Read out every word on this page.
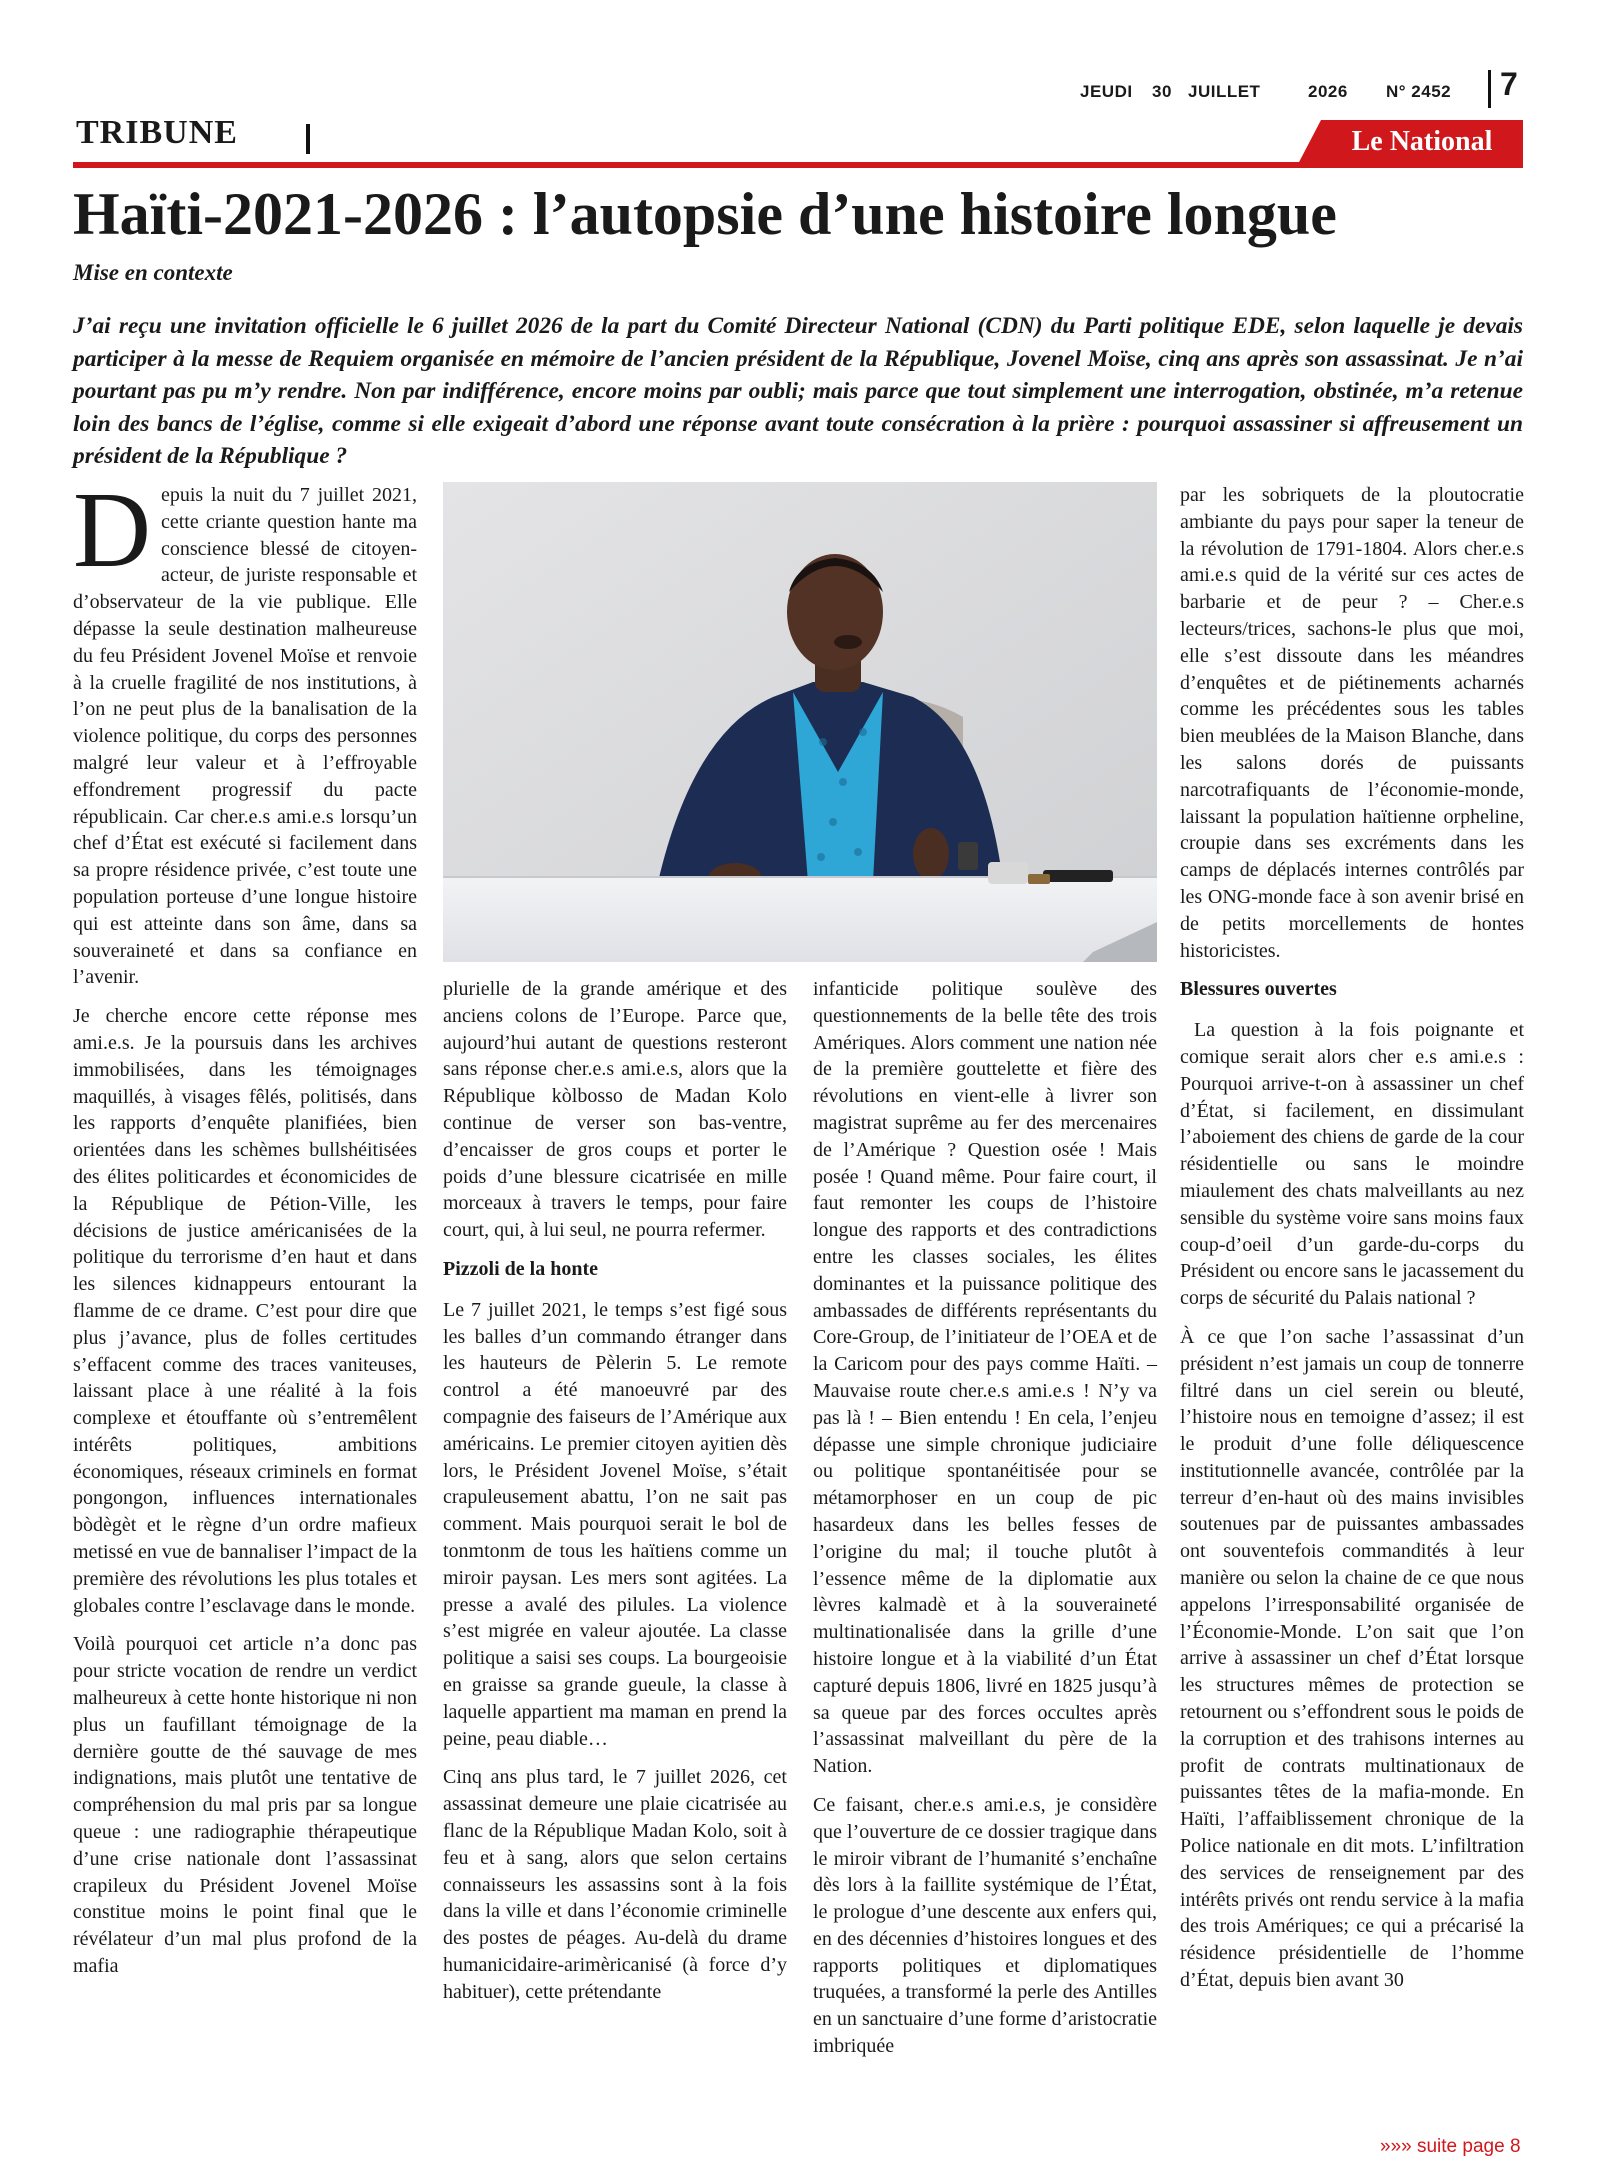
JEUDI 30 JUILLET	2026 N° 2452 7
TRIBUNE	Le National
Haïti-2021-2026 : l’autopsie d’une histoire longue
Mise en contexte
J’ai reçu une invitation officielle le 6 juillet 2026 de la part du Comité Directeur National (CDN) du Parti politique EDE, selon laquelle je devais participer à la messe de Requiem organisée en mémoire de l’ancien président de la République, Jovenel Moïse, cinq ans après son assassinat. Je n’ai pourtant pas pu m’y rendre. Non par indifférence, encore moins par oubli; mais parce que tout simplement une interrogation, obstinée, m’a retenue loin des bancs de l’église, comme si elle exigeait d’abord une réponse avant toute consécration à la prière : pourquoi assassiner si affreusement un président de la République ?

Depuis la nuit du 7 juillet 2021, cette criante question hante ma conscience blessé de citoyen-acteur, de juriste responsable et d’observateur de la vie publique. Elle dépasse la seule destination malheureuse du feu Président Jovenel Moïse et renvoie à la cruelle fragilité de nos institutions, à l’on ne peut plus de la banalisation de la violence politique, du corps des personnes malgré leur valeur et à l’effroyable effondrement progressif du pacte républicain. Car cher.e.s ami.e.s lorsqu’un chef d’État est exécuté si facilement dans sa propre résidence privée, c’est toute une population porteuse d’une longue histoire qui est atteinte dans son âme, dans sa souveraineté et dans sa confiance en l’avenir.

Je cherche encore cette réponse mes ami.e.s. Je la poursuis dans les archives immobilisées, dans les témoignages maquillés, à visages fêlés, politisés, dans les rapports d’enquête planifiées, bien orientées dans les schèmes bullshéitisées des élites politicardes et économicides de la République de Pétion-Ville, les décisions de justice américanisées de la politique du terrorisme d’en haut et dans les silences kidnappeurs entourant la flamme de ce drame. C’est pour dire que plus j’avance, plus de folles certitudes s’effacent comme des traces vaniteuses, laissant place à une réalité à la fois complexe et étouffante où s’entremêlent intérêts politiques, ambitions économiques, réseaux criminels en format pongongon, influences internationales bòdègèt et le règne d’un ordre mafieux metissé en vue de bannaliser l’impact de la première des révolutions les plus totales et globales contre l’esclavage dans le monde.

Voilà pourquoi cet article n’a donc pas pour stricte vocation de rendre un verdict malheureux à cette honte historique ni non plus un faufillant témoignage de la dernière goutte de thé sauvage de mes indignations, mais plutôt une tentative de compréhension du mal pris par sa longue queue : une radiographie thérapeutique d’une crise nationale dont l’assassinat crapileux du Président Jovenel Moïse constitue moins le point final que le révélateur d’un mal plus profond de la mafia

plurielle de la grande amérique et des anciens colons de l’Europe. Parce que, aujourd’hui autant de questions resteront sans réponse cher.e.s ami.e.s, alors que la République kòlbosso de Madan Kolo continue de verser son bas-ventre, d’encaisser de gros coups et porter le poids d’une blessure cicatrisée en mille morceaux à travers le temps, pour faire court, qui, à lui seul, ne pourra refermer.

Pizzoli de la honte

Le 7 juillet 2021, le temps s’est figé sous les balles d’un commando étranger dans les hauteurs de Pèlerin 5. Le remote control a été manoeuvré par des compagnie des faiseurs de l’Amérique aux américains. Le premier citoyen ayitien dès lors, le Président Jovenel Moïse, s’était crapuleusement abattu, l’on ne sait pas comment. Mais pourquoi serait le bol de tonmtonm de tous les haïtiens comme un miroir paysan. Les mers sont agitées. La presse a avalé des pilules. La violence s’est migrée en valeur ajoutée. La classe politique a saisi ses coups. La bourgeoisie en graisse sa grande gueule, la classe à laquelle appartient ma maman en prend la peine, peau diable…

Cinq ans plus tard, le 7 juillet 2026, cet assassinat demeure une plaie cicatrisée au flanc de la République Madan Kolo, soit à feu et à sang, alors que selon certains connaisseurs les assassins sont à la fois dans la ville et dans l’économie criminelle des postes de péages. Au-delà du drame humanicidaire-arimèricanisé (à force d’y habituer), cette prétendante

infanticide politique soulève des questionnements de la belle tête des trois Amériques. Alors comment une nation née de la première gouttelette et fière des révolutions en vient-elle à livrer son magistrat suprême au fer des mercenaires de l’Amérique ? Question osée ! Mais posée ! Quand même. Pour faire court, il faut remonter les coups de l’histoire longue des rapports et des contradictions entre les classes sociales, les élites dominantes et la puissance politique des ambassades de différents représentants du Core-Group, de l’initiateur de l’OEA et de la Caricom pour des pays comme Haïti. – Mauvaise route cher.e.s ami.e.s ! N’y va pas là ! – Bien entendu ! En cela, l’enjeu dépasse une simple chronique judiciaire ou politique spontanéitisée pour se métamorphoser en un coup de pic hasardeux dans les belles fesses de l’origine du mal; il touche plutôt à l’essence même de la diplomatie aux lèvres kalmadè et à la souveraineté multinationalisée dans la grille d’une histoire longue et à la viabilité d’un État capturé depuis 1806, livré en 1825 jusqu’à sa queue par des forces occultes après l’assassinat malveillant du père de la Nation.

Ce faisant, cher.e.s ami.e.s, je considère que l’ouverture de ce dossier tragique dans le miroir vibrant de l’humanité s’enchaîne dès lors à la faillite systémique de l’État, le prologue d’une descente aux enfers qui, en des décennies d’histoires longues et des rapports politiques et diplomatiques truquées, a transformé la perle des Antilles en un sanctuaire d’une forme d’aristocratie imbriquée

par les sobriquets de la ploutocratie ambiante du pays pour saper la teneur de la révolution de 1791-1804. Alors cher.e.s ami.e.s quid de la vérité sur ces actes de barbarie et de peur ? – Cher.e.s lecteurs/trices, sachons-le plus que moi, elle s’est dissoute dans les méandres d’enquêtes et de piétinements acharnés comme les précédentes sous les tables bien meublées de la Maison Blanche, dans les salons dorés de puissants narcotrafiquants de l’économie-monde, laissant la population haïtienne orpheline, croupie dans ses excréments dans les camps de déplacés internes contrôlés par les ONG-monde face à son avenir brisé en de petits morcellements de hontes historicistes.

Blessures ouvertes

La question à la fois poignante et comique serait alors cher e.s ami.e.s : Pourquoi arrive-t-on à assassiner un chef d’État, si facilement, en dissimulant l’aboiement des chiens de garde de la cour résidentielle ou sans le moindre miaulement des chats malveillants au nez sensible du système voire sans moins faux coup-d’oeil d’un garde-du-corps du Président ou encore sans le jacassement du corps de sécurité du Palais national ?

À ce que l’on sache l’assassinat d’un président n’est jamais un coup de tonnerre filtré dans un ciel serein ou bleuté, l’histoire nous en temoigne d’assez; il est le produit d’une folle déliquescence institutionnelle avancée, contrôlée par la terreur d’en-haut où des mains invisibles soutenues par de puissantes ambassades ont souventefois commandités à leur manière ou selon la chaine de ce que nous appelons l’irresponsabilité organisée de l’Économie-Monde. L’on sait que l’on arrive à assassiner un chef d’État lorsque les structures mêmes de protection se retournent ou s’effondrent sous le poids de la corruption et des trahisons internes au profit de contrats multinationaux de puissantes têtes de la mafia-monde. En Haïti, l’affaiblissement chronique de la Police nationale en dit mots. L’infiltration des services de renseignement par des intérêts privés ont rendu service à la mafia des trois Amériques; ce qui a précarisé la résidence présidentielle de l’homme d’État, depuis bien avant 30

»»» suite page 8
